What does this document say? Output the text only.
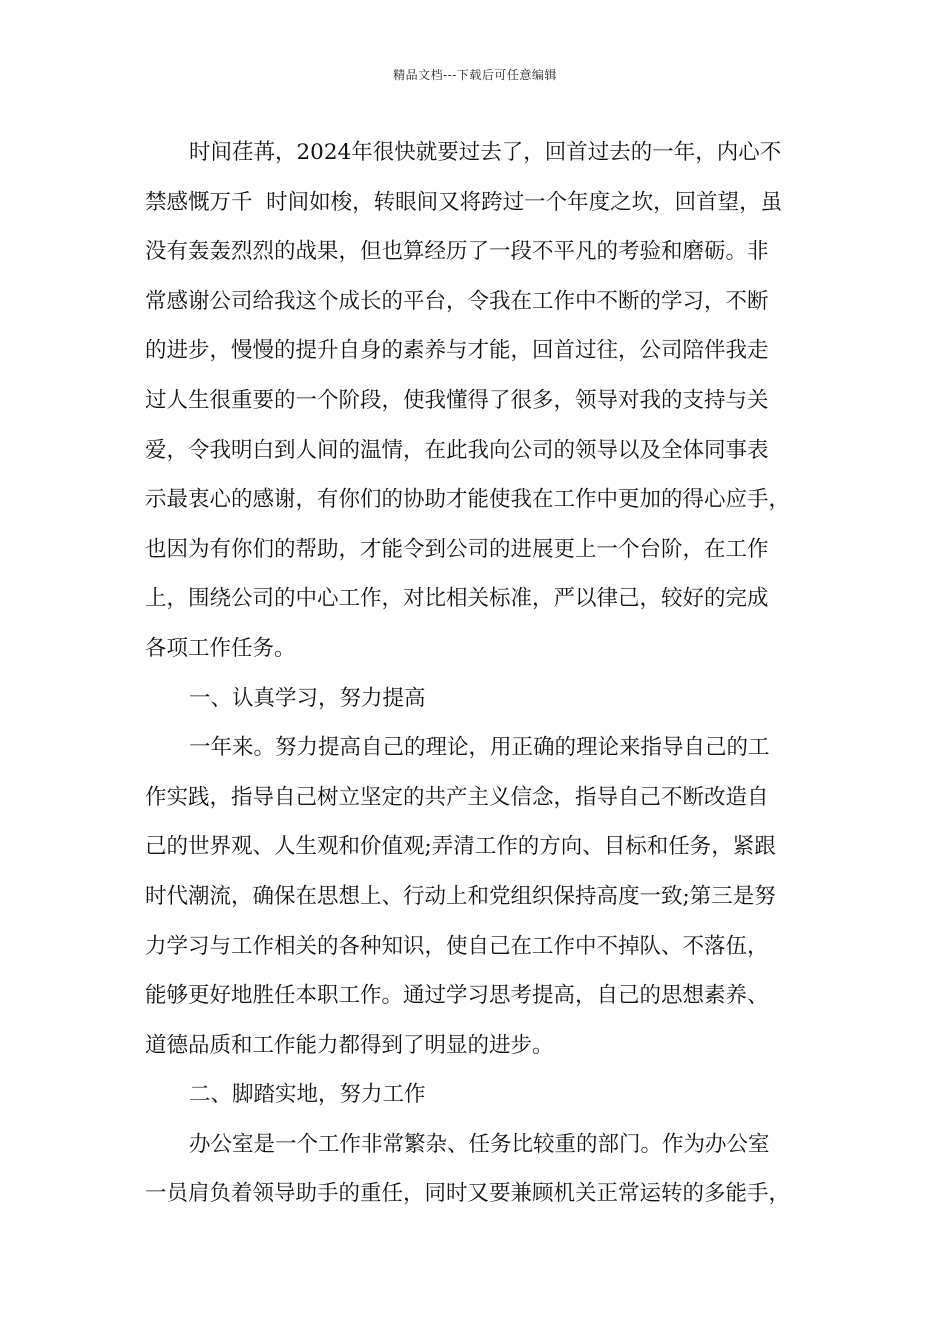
精品文档---下载后可任意编辑
时间荏苒，2024年很快就要过去了，回首过去的一年，内心不
禁感慨万千  时间如梭，转眼间又将跨过一个年度之坎，回首望，虽
没有轰轰烈烈的战果，但也算经历了一段不平凡的考验和磨砺。非
常感谢公司给我这个成长的平台，令我在工作中不断的学习，不断
的进步，慢慢的提升自身的素养与才能，回首过往，公司陪伴我走
过人生很重要的一个阶段，使我懂得了很多，领导对我的支持与关
爱，令我明白到人间的温情，在此我向公司的领导以及全体同事表
示最衷心的感谢，有你们的协助才能使我在工作中更加的得心应手，
也因为有你们的帮助，才能令到公司的进展更上一个台阶，在工作
上，围绕公司的中心工作，对比相关标准，严以律己，较好的完成
各项工作任务。
一、认真学习，努力提高
一年来。努力提高自己的理论，用正确的理论来指导自己的工
作实践，指导自己树立坚定的共产主义信念，指导自己不断改造自
己的世界观、人生观和价值观;弄清工作的方向、目标和任务，紧跟
时代潮流，确保在思想上、行动上和党组织保持高度一致;第三是努
力学习与工作相关的各种知识，使自己在工作中不掉队、不落伍，
能够更好地胜任本职工作。通过学习思考提高，自己的思想素养、
道德品质和工作能力都得到了明显的进步。
二、脚踏实地，努力工作
办公室是一个工作非常繁杂、任务比较重的部门。作为办公室
一员肩负着领导助手的重任，同时又要兼顾机关正常运转的多能手，
